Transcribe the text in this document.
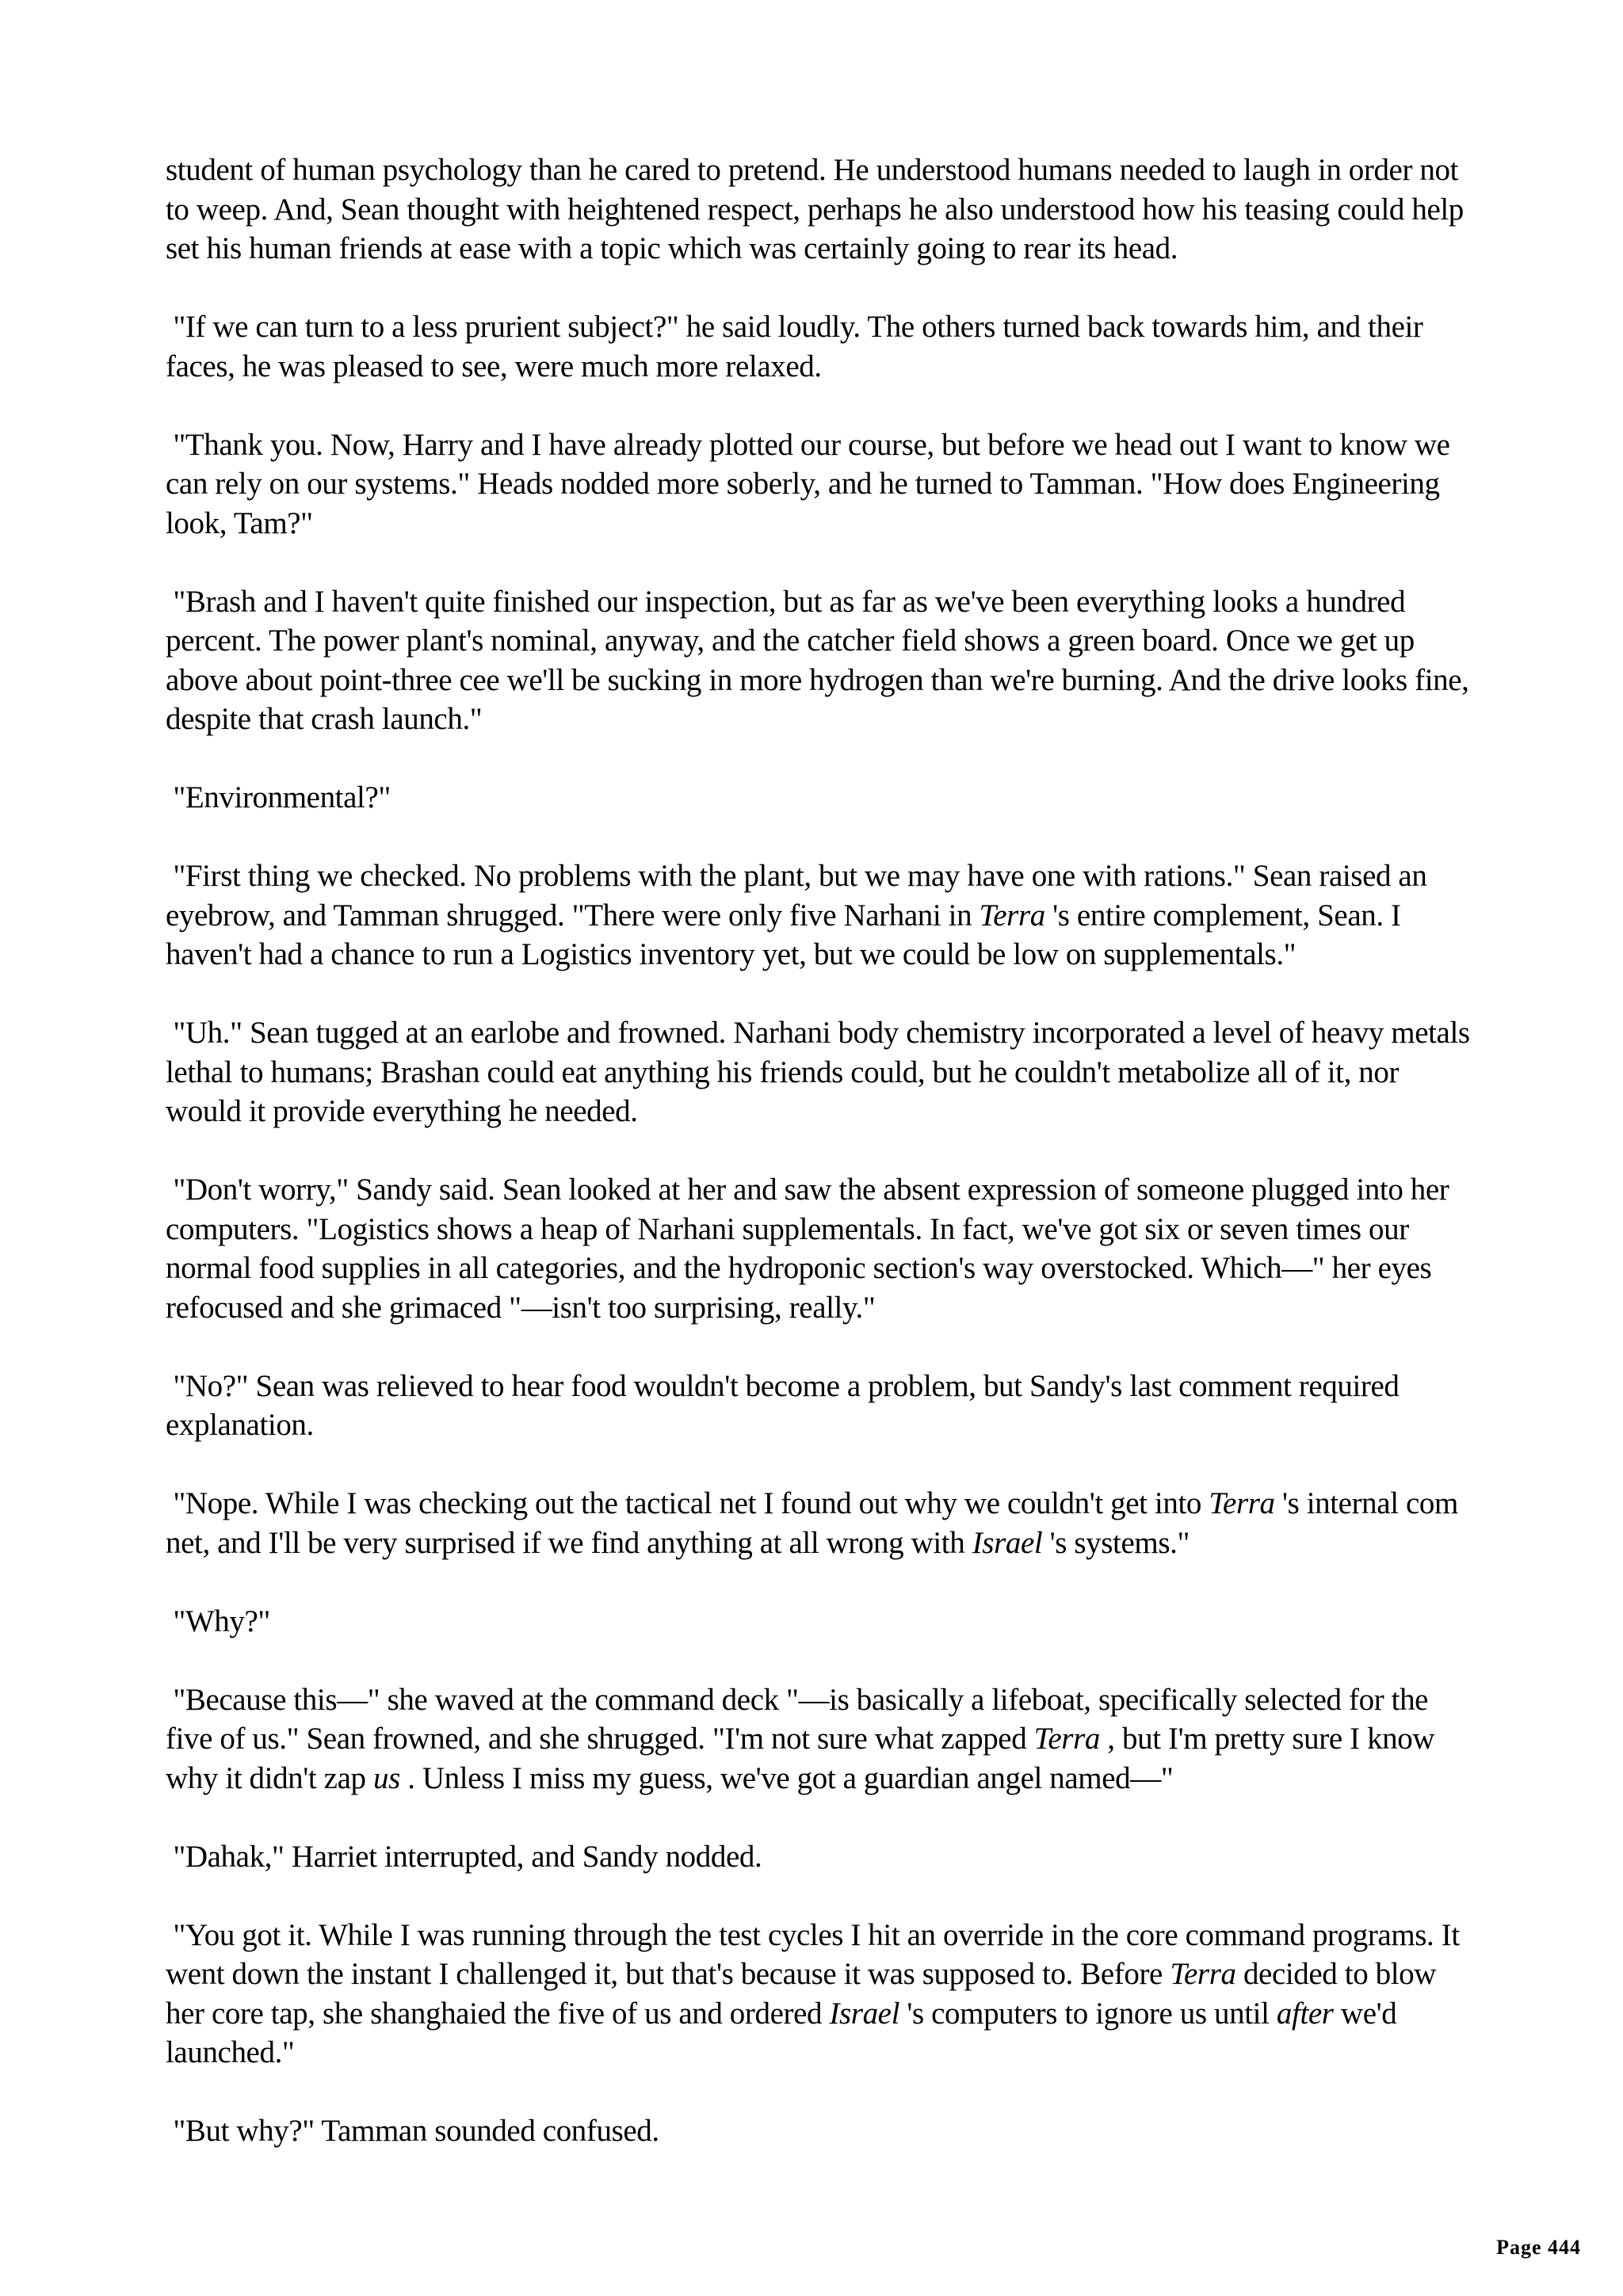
student of human psychology than he cared to pretend. He understood humans needed to laugh in order not to weep. And, Sean thought with heightened respect, perhaps he also understood how his teasing could help set his human friends at ease with a topic which was certainly going to rear its head.

"If we can turn to a less prurient subject?" he said loudly. The others turned back towards him, and their faces, he was pleased to see, were much more relaxed.

"Thank you. Now, Harry and I have already plotted our course, but before we head out I want to know we can rely on our systems." Heads nodded more soberly, and he turned to Tamman. "How does Engineering look, Tam?"

"Brash and I haven't quite finished our inspection, but as far as we've been everything looks a hundred percent. The power plant's nominal, anyway, and the catcher field shows a green board. Once we get up above about point-three cee we'll be sucking in more hydrogen than we're burning. And the drive looks fine, despite that crash launch."

"Environmental?"

"First thing we checked. No problems with the plant, but we may have one with rations." Sean raised an eyebrow, and Tamman shrugged. "There were only five Narhani in Terra 's entire complement, Sean. I haven't had a chance to run a Logistics inventory yet, but we could be low on supplementals."

"Uh." Sean tugged at an earlobe and frowned. Narhani body chemistry incorporated a level of heavy metals lethal to humans; Brashan could eat anything his friends could, but he couldn't metabolize all of it, nor would it provide everything he needed.

"Don't worry," Sandy said. Sean looked at her and saw the absent expression of someone plugged into her computers. "Logistics shows a heap of Narhani supplementals. In fact, we've got six or seven times our normal food supplies in all categories, and the hydroponic section's way overstocked. Which—" her eyes refocused and she grimaced "—isn't too surprising, really."

"No?" Sean was relieved to hear food wouldn't become a problem, but Sandy's last comment required explanation.

"Nope. While I was checking out the tactical net I found out why we couldn't get into Terra 's internal com net, and I'll be very surprised if we find anything at all wrong with Israel 's systems."

"Why?"

"Because this—" she waved at the command deck "—is basically a lifeboat, specifically selected for the five of us." Sean frowned, and she shrugged. "I'm not sure what zapped Terra , but I'm pretty sure I know why it didn't zap us . Unless I miss my guess, we've got a guardian angel named—"

"Dahak," Harriet interrupted, and Sandy nodded.

"You got it. While I was running through the test cycles I hit an override in the core command programs. It went down the instant I challenged it, but that's because it was supposed to. Before Terra decided to blow her core tap, she shanghaied the five of us and ordered Israel 's computers to ignore us until after we'd launched."

"But why?" Tamman sounded confused.

Page 444
